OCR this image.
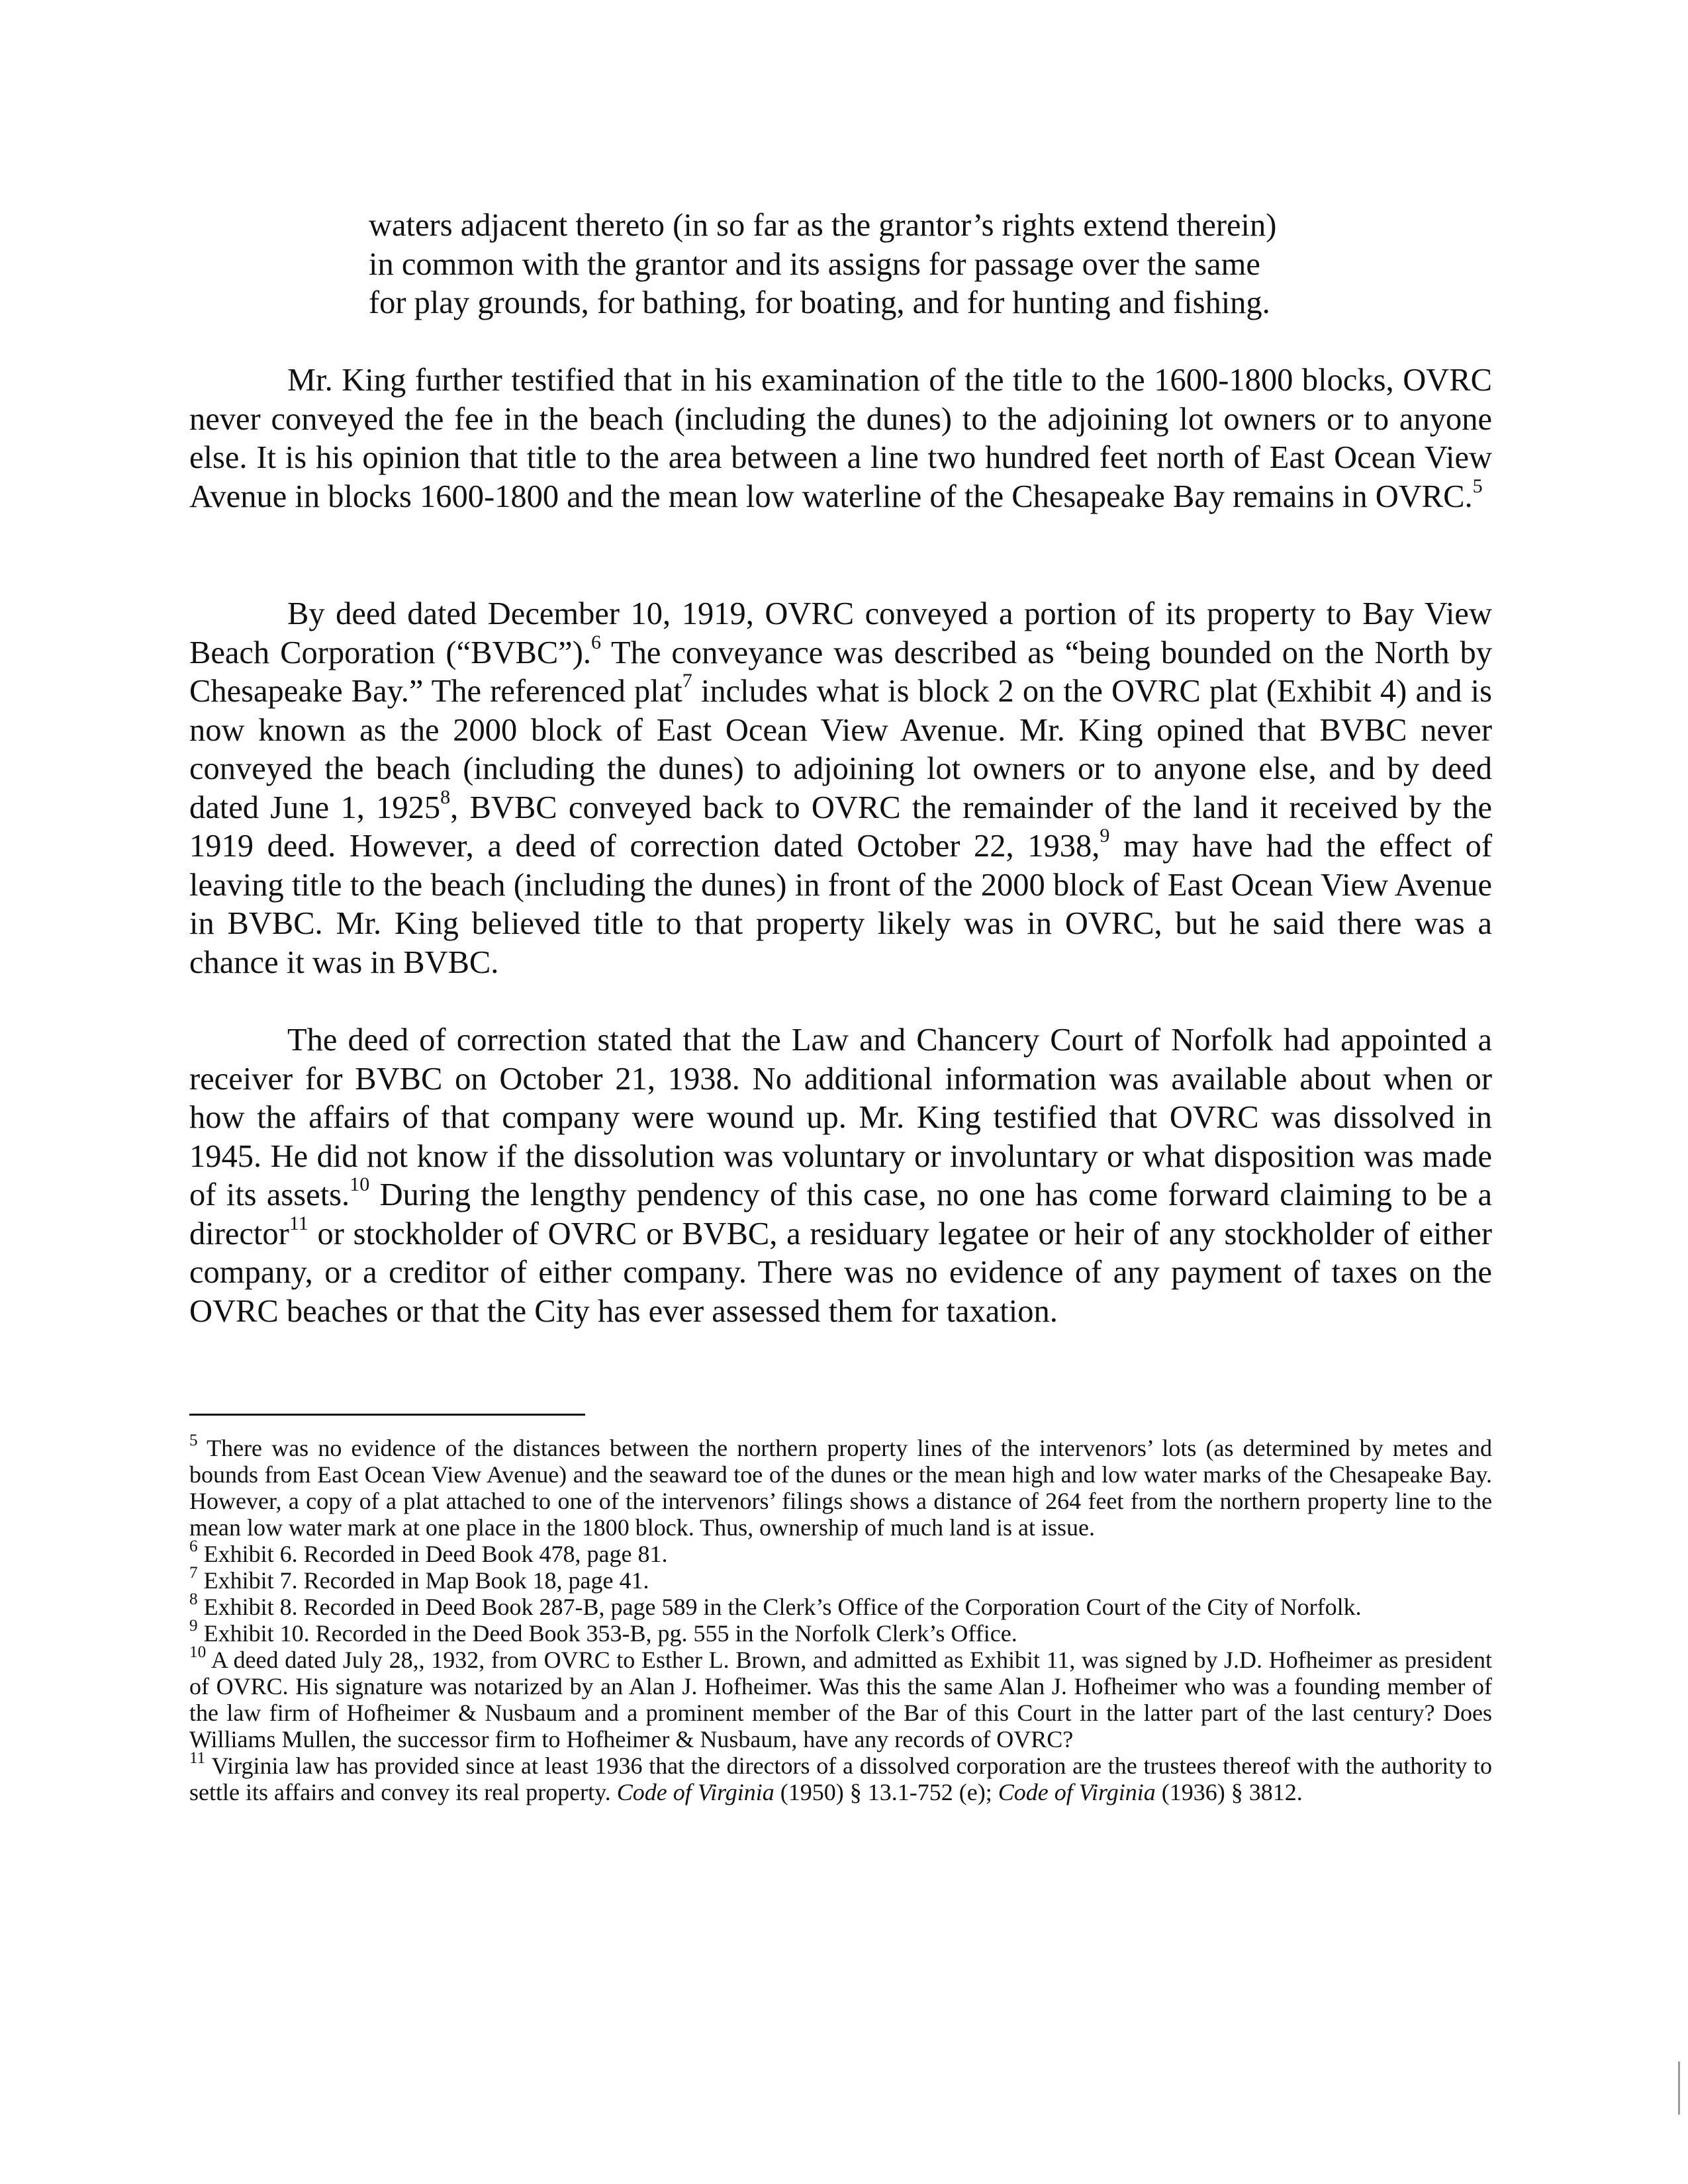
waters adjacent thereto (in so far as the grantor’s rights extend therein)
in common with the grantor and its assigns for passage over the same
for play grounds, for bathing, for boating, and for hunting and fishing.

Mr. King further testified that in his examination of the title to the 1600-1800 blocks, OVRC never conveyed the fee in the beach (including the dunes) to the adjoining lot owners or to anyone else. It is his opinion that title to the area between a line two hundred feet north of East Ocean View Avenue in blocks 1600-1800 and the mean low waterline of the Chesapeake Bay remains in OVRC.$^5$

By deed dated December 10, 1919, OVRC conveyed a portion of its property to Bay View Beach Corporation (“BVBC”).$^6$ The conveyance was described as “being bounded on the North by Chesapeake Bay.” The referenced plat$^7$ includes what is block 2 on the OVRC plat (Exhibit 4) and is now known as the 2000 block of East Ocean View Avenue. Mr. King opined that BVBC never conveyed the beach (including the dunes) to adjoining lot owners or to anyone else, and by deed dated June 1, 1925$^8$, BVBC conveyed back to OVRC the remainder of the land it received by the 1919 deed. However, a deed of correction dated October 22, 1938,$^9$ may have had the effect of leaving title to the beach (including the dunes) in front of the 2000 block of East Ocean View Avenue in BVBC. Mr. King believed title to that property likely was in OVRC, but he said there was a chance it was in BVBC.

The deed of correction stated that the Law and Chancery Court of Norfolk had appointed a receiver for BVBC on October 21, 1938. No additional information was available about when or how the affairs of that company were wound up. Mr. King testified that OVRC was dissolved in 1945. He did not know if the dissolution was voluntary or involuntary or what disposition was made of its assets.$^{10}$ During the lengthy pendency of this case, no one has come forward claiming to be a director$^{11}$ or stockholder of OVRC or BVBC, a residuary legatee or heir of any stockholder of either company, or a creditor of either company. There was no evidence of any payment of taxes on the OVRC beaches or that the City has ever assessed them for taxation.

$^5$ There was no evidence of the distances between the northern property lines of the intervenors’ lots (as determined by metes and bounds from East Ocean View Avenue) and the seaward toe of the dunes or the mean high and low water marks of the Chesapeake Bay. However, a copy of a plat attached to one of the intervenors’ filings shows a distance of 264 feet from the northern property line to the mean low water mark at one place in the 1800 block. Thus, ownership of much land is at issue.

$^6$ Exhibit 6. Recorded in Deed Book 478, page 81.

$^7$ Exhibit 7. Recorded in Map Book 18, page 41.

$^8$ Exhibit 8. Recorded in Deed Book 287-B, page 589 in the Clerk’s Office of the Corporation Court of the City of Norfolk.

$^9$ Exhibit 10. Recorded in the Deed Book 353-B, pg. 555 in the Norfolk Clerk’s Office.

$^{10}$ A deed dated July 28,, 1932, from OVRC to Esther L. Brown, and admitted as Exhibit 11, was signed by J.D. Hofheimer as president of OVRC. His signature was notarized by an Alan J. Hofheimer. Was this the same Alan J. Hofheimer who was a founding member of the law firm of Hofheimer & Nusbaum and a prominent member of the Bar of this Court in the latter part of the last century? Does Williams Mullen, the successor firm to Hofheimer & Nusbaum, have any records of OVRC?

$^{11}$ Virginia law has provided since at least 1936 that the directors of a dissolved corporation are the trustees thereof with the authority to settle its affairs and convey its real property. Code of Virginia (1950) § 13.1-752 (e); Code of Virginia (1936) § 3812.
